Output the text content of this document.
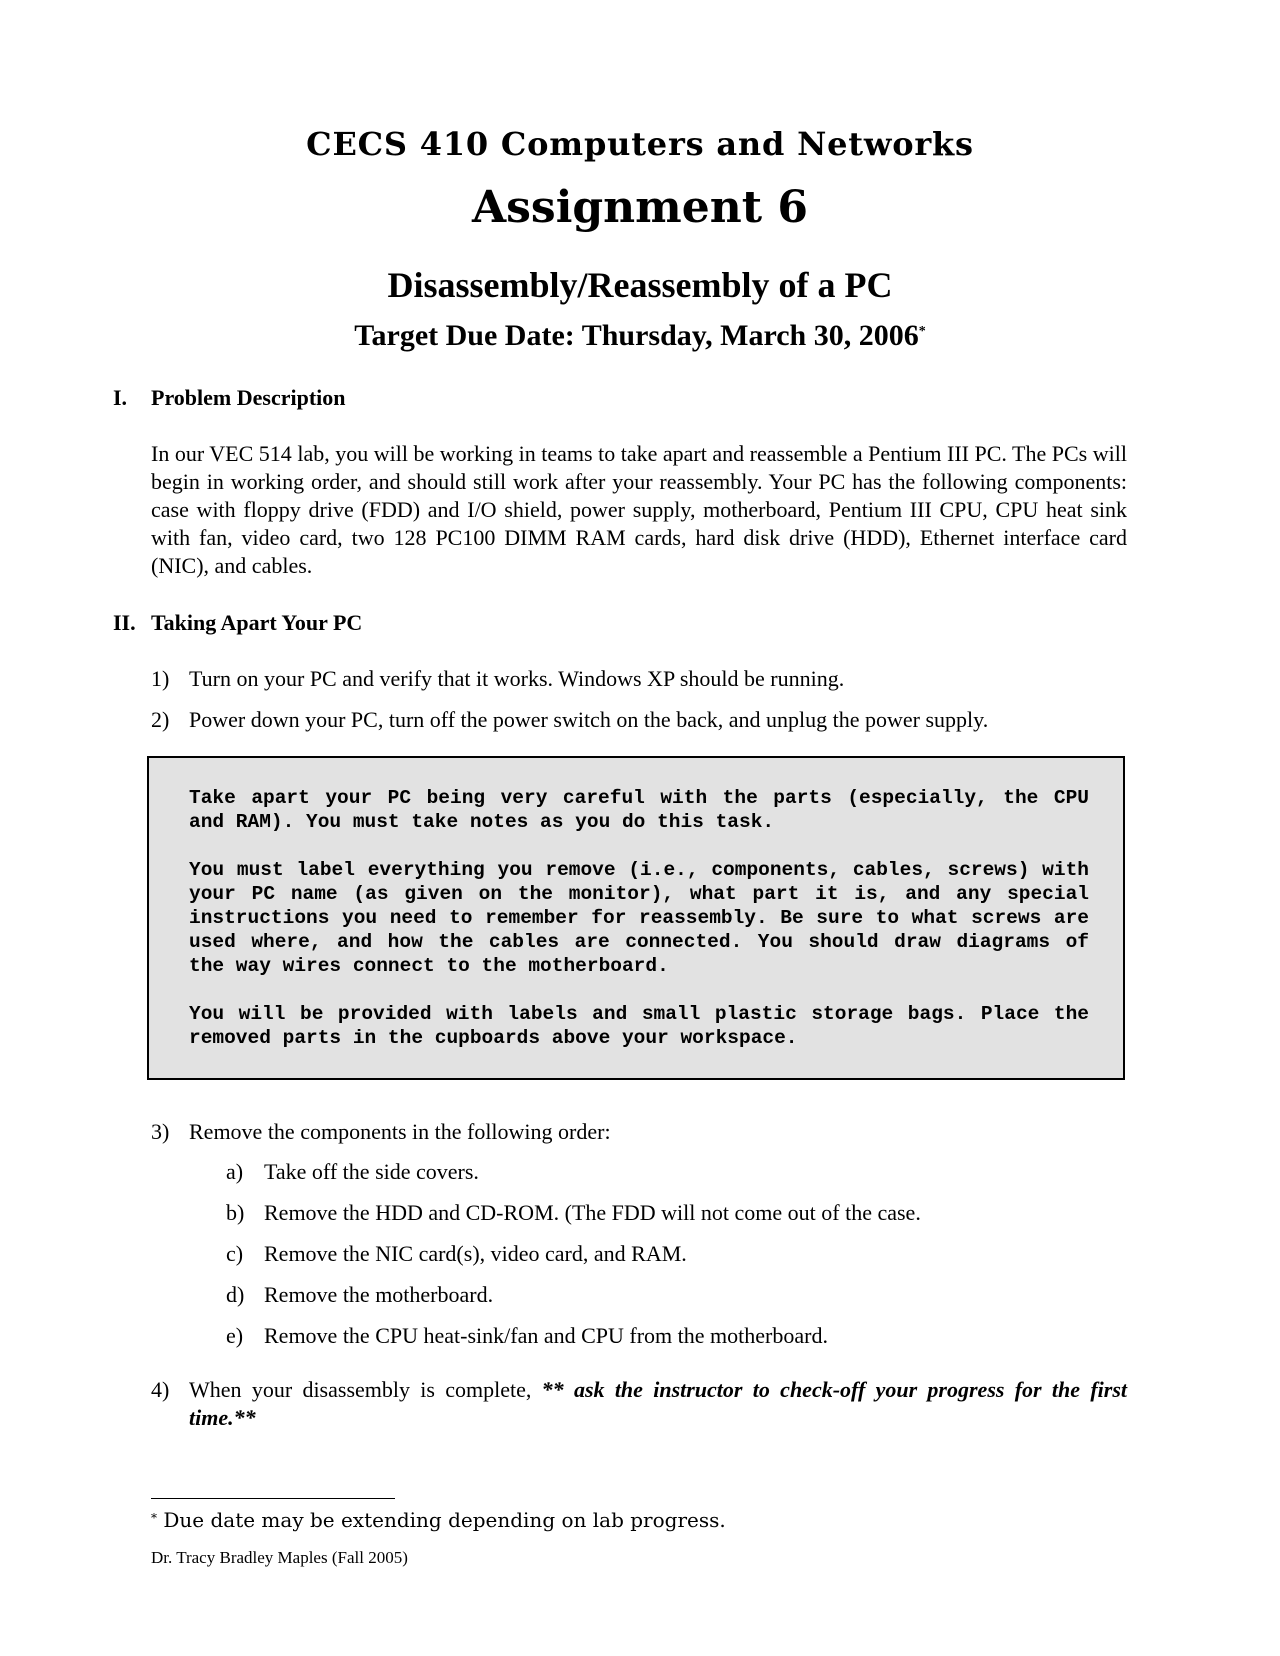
CECS 410 Computers and Networks
Assignment 6
Disassembly/Reassembly of a PC
Target Due Date: Thursday, March 30, 2006*
I. Problem Description
In our VEC 514 lab, you will be working in teams to take apart and reassemble a Pentium III PC. The PCs will begin in working order, and should still work after your reassembly. Your PC has the following components: case with floppy drive (FDD) and I/O shield, power supply, motherboard, Pentium III CPU, CPU heat sink with fan, video card, two 128 PC100 DIMM RAM cards, hard disk drive (HDD), Ethernet interface card (NIC), and cables.
II. Taking Apart Your PC
1) Turn on your PC and verify that it works. Windows XP should be running.
2) Power down your PC, turn off the power switch on the back, and unplug the power supply.
Take apart your PC being very careful with the parts (especially, the CPU and RAM). You must take notes as you do this task.
You must label everything you remove (i.e., components, cables, screws) with your PC name (as given on the monitor), what part it is, and any special instructions you need to remember for reassembly. Be sure to what screws are used where, and how the cables are connected. You should draw diagrams of the way wires connect to the motherboard.
You will be provided with labels and small plastic storage bags. Place the removed parts in the cupboards above your workspace.
3) Remove the components in the following order:
a) Take off the side covers.
b) Remove the HDD and CD-ROM. (The FDD will not come out of the case.
c) Remove the NIC card(s), video card, and RAM.
d) Remove the motherboard.
e) Remove the CPU heat-sink/fan and CPU from the motherboard.
4) When your disassembly is complete, ** ask the instructor to check-off your progress for the first time.**
* Due date may be extending depending on lab progress.
Dr. Tracy Bradley Maples (Fall 2005)
